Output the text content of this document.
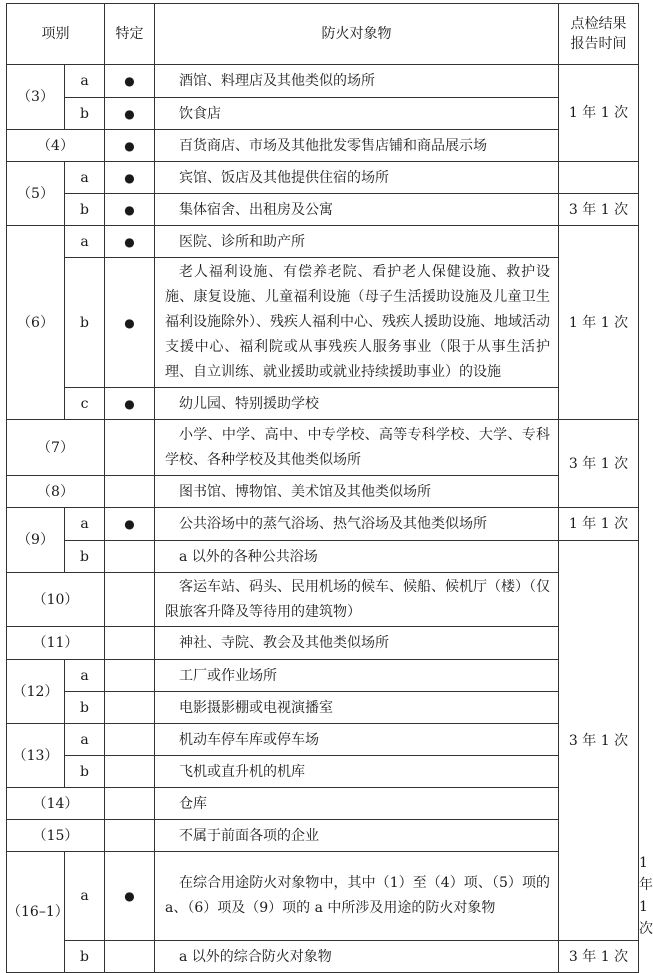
项别		特定	防火对象物	点检结果
报告时间	
（3）	a	●	酒馆、料理店及其他类似的场所	1 年 1 次	
	b	●	饮食店		
（4）		●	百货商店、市场及其他批发零售店铺和商品展示场		
（5）	a	●	宾馆、饭店及其他提供住宿的场所		
	b	●	集体宿舍、出租房及公寓	3 年 1 次	
（6）	a	●	医院、诊所和助产所	1 年 1 次	
	b	●	老人福利设施、有偿养老院、看护老人保健设施、救护设施、康复设施、儿童福利设施（母子生活援助设施及儿童卫生福利设施除外）、残疾人福利中心、残疾人援助设施、地域活动支援中心、福利院或从事残疾人服务事业（限于从事生活护理、自立训练、就业援助或就业持续援助事业）的设施		
	c	●	幼儿园、特别援助学校		
（7）			小学、中学、高中、中专学校、高等专科学校、大学、专科学校、各种学校及其他类似场所	3 年 1 次	
（8）			图书馆、博物馆、美术馆及其他类似场所		
（9）	a	●	公共浴场中的蒸气浴场、热气浴场及其他类似场所	1 年 1 次	
	b		a 以外的各种公共浴场	3 年 1 次	
（10）			客运车站、码头、民用机场的候车、候船、候机厅（楼）（仅限旅客升降及等待用的建筑物）		
（11）			神社、寺院、教会及其他类似场所		
（12）	a		工厂或作业场所		
	b		电影摄影棚或电视演播室		
（13）	a		机动车停车库或停车场		
	b		飞机或直升机的机库		
（14）			仓库		
（15）			不属于前面各项的企业		
（16–1）	a	●	在综合用途防火对象物中，其中（1）至（4）项、（5）项的 a、（6）项及（9）项的 a 中所涉及用途的防火对象物		1 年 1 次
	b		a 以外的综合防火对象物	3 年 1 次	
